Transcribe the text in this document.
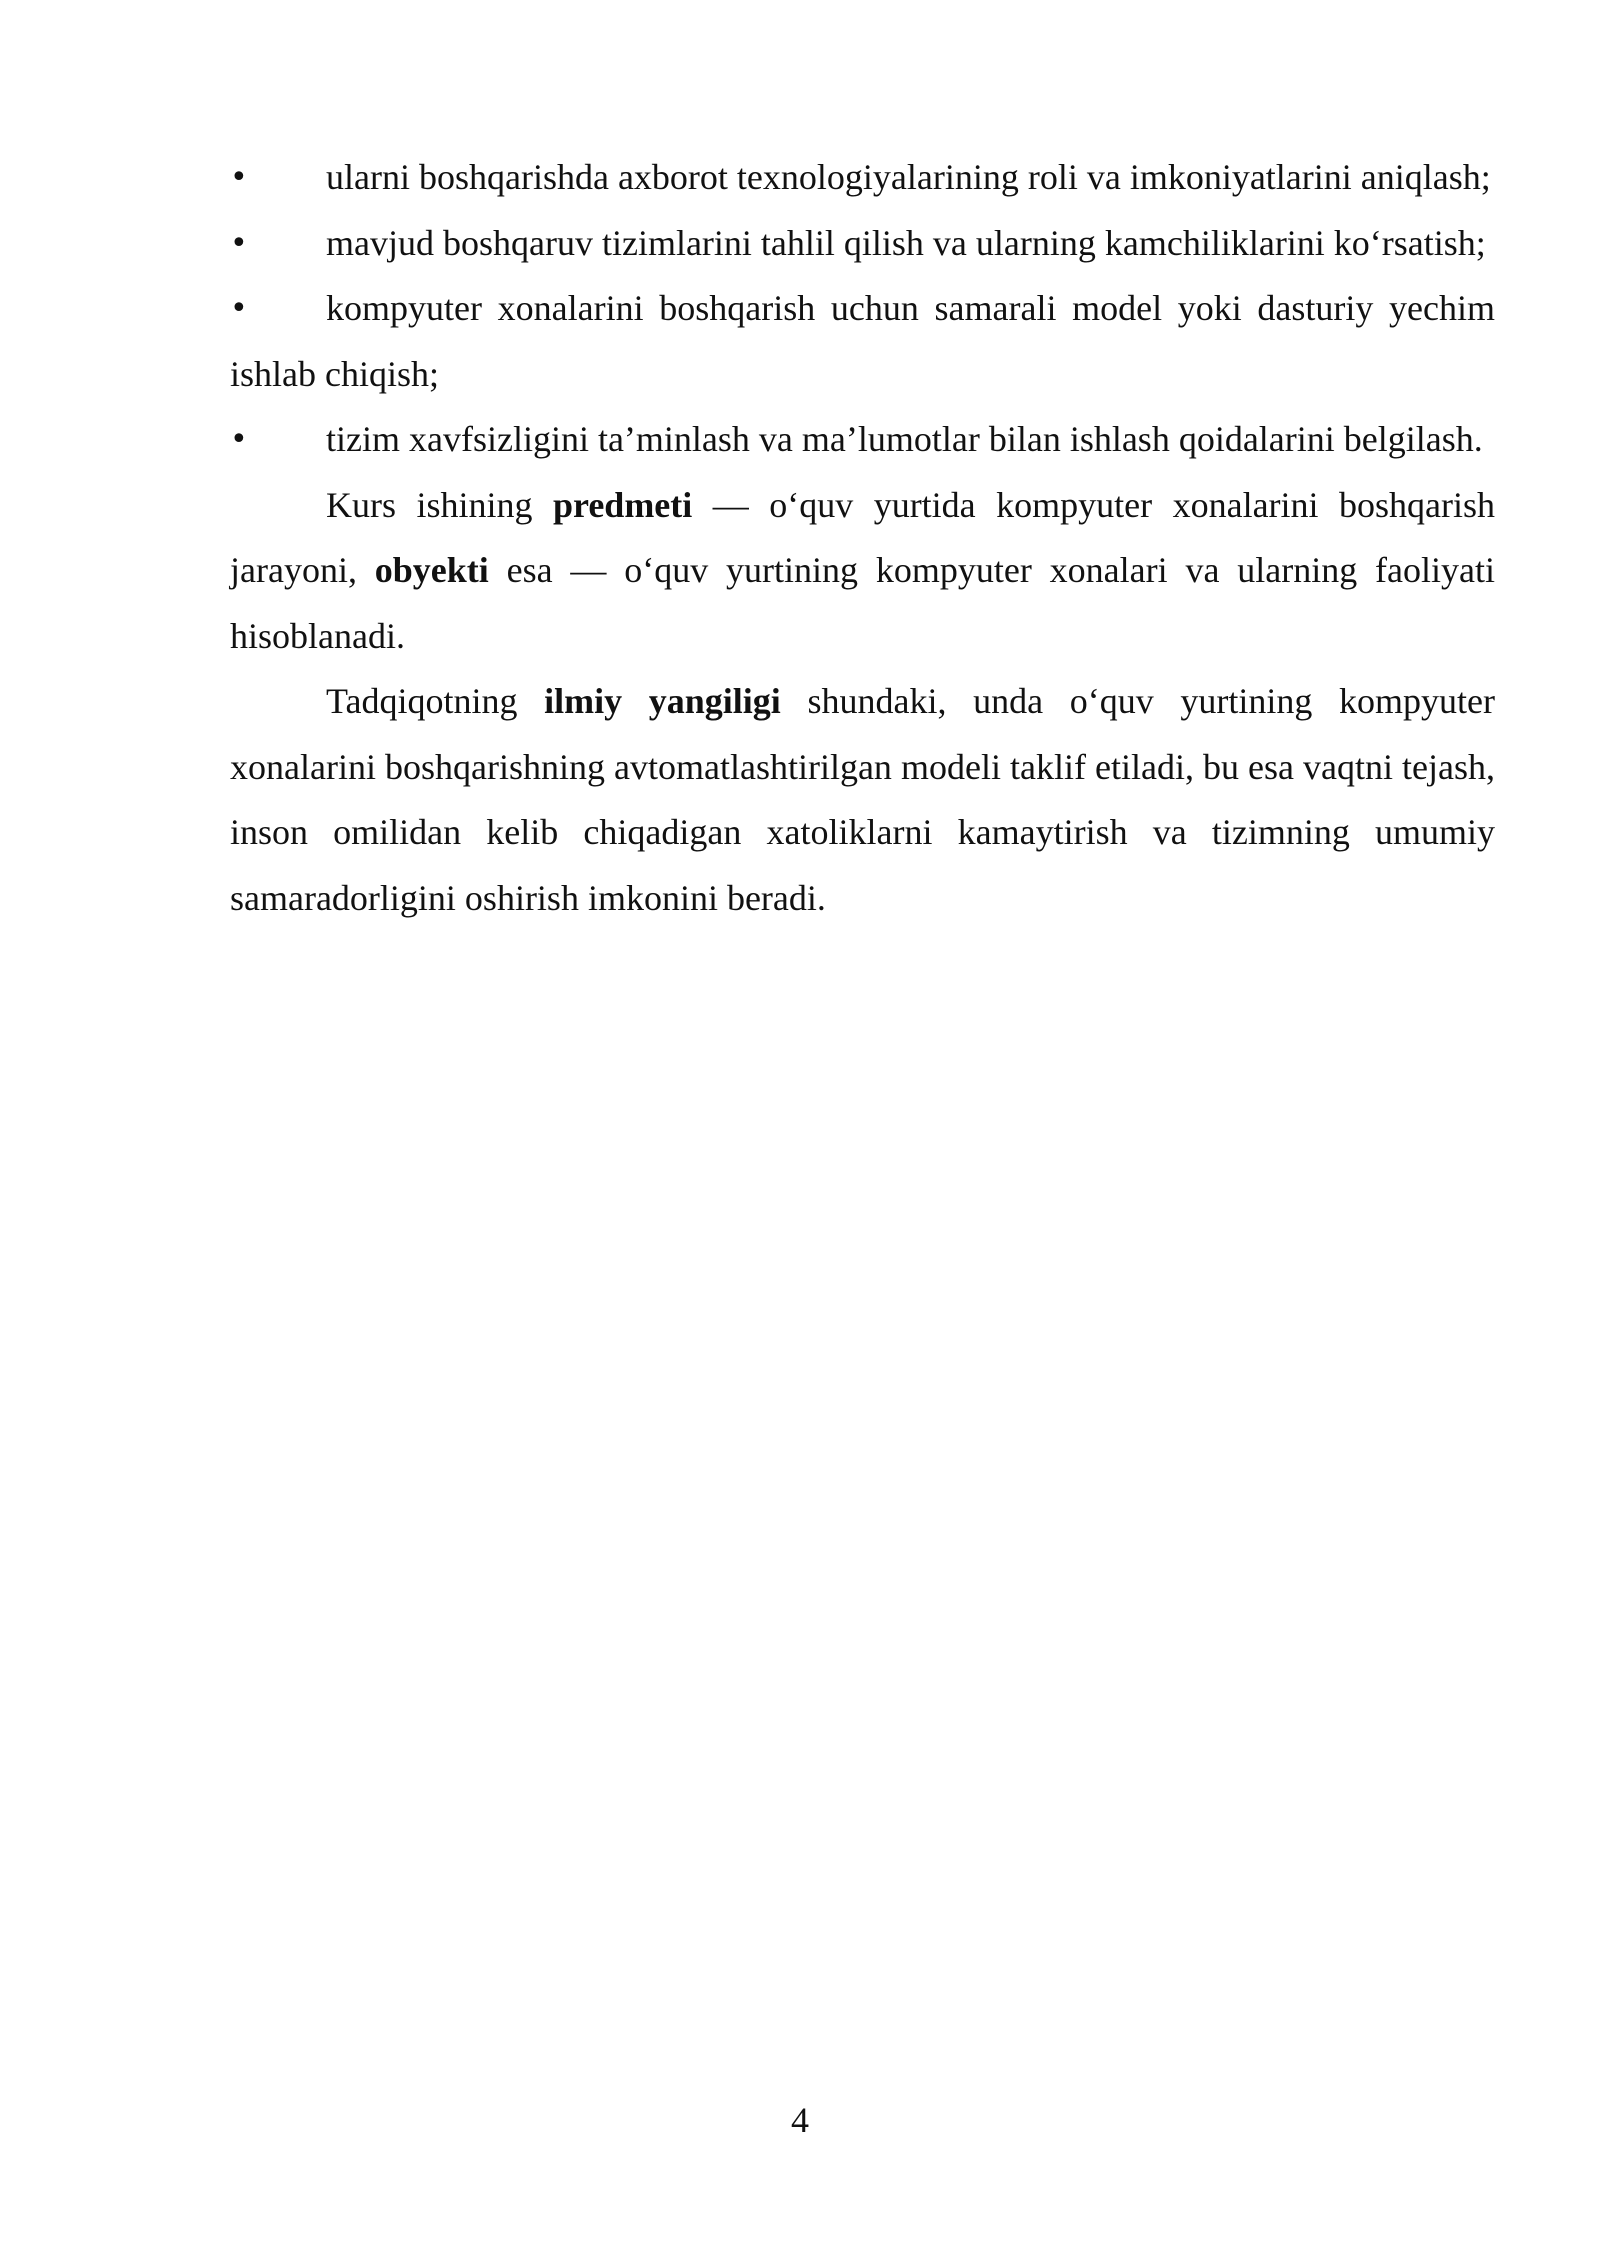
• ularni boshqarishda axborot texnologiyalarining roli va imkoniyatlarini aniqlash;

• mavjud boshqaruv tizimlarini tahlil qilish va ularning kamchiliklarini koʻrsatish;

• kompyuter xonalarini boshqarish uchun samarali model yoki dasturiy yechim ishlab chiqish;

• tizim xavfsizligini ta’minlash va ma’lumotlar bilan ishlash qoidalarini belgilash.

Kurs ishining predmeti — oʻquv yurtida kompyuter xonalarini boshqarish jarayoni, obyekti esa — oʻquv yurtining kompyuter xonalari va ularning faoliyati hisoblanadi.

Tadqiqotning ilmiy yangiligi shundaki, unda oʻquv yurtining kompyuter xonalarini boshqarishning avtomatlashtirilgan modeli taklif etiladi, bu esa vaqtni tejash, inson omilidan kelib chiqadigan xatoliklarni kamaytirish va tizimning umumiy samaradorligini oshirish imkonini beradi.

4
